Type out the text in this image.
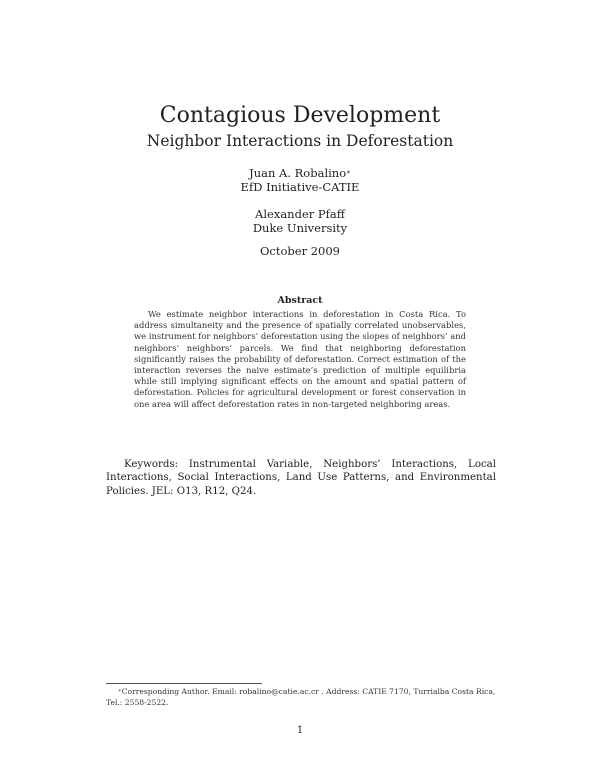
Contagious Development
Neighbor Interactions in Deforestation
Juan A. Robalino∗
EfD Initiative-CATIE
Alexander Pfaff
Duke University
October 2009
Abstract
We estimate neighbor interactions in deforestation in Costa Rica. To address simultaneity and the presence of spatially correlated unobservables, we instrument for neighbors’ deforestation using the slopes of neighbors’ and neighbors’ neighbors’ parcels. We find that neighboring deforestation significantly raises the probability of deforestation. Correct estimation of the interaction reverses the naive estimate’s prediction of multiple equilibria while still implying significant effects on the amount and spatial pattern of deforestation. Policies for agricultural development or forest conservation in one area will affect deforestation rates in non-targeted neighboring areas.
Keywords: Instrumental Variable, Neighbors’ Interactions, Local Interactions, Social Interactions, Land Use Patterns, and Environmental Policies. JEL: O13, R12, Q24.
∗Corresponding Author. Email: robalino@catie.ac.cr . Address: CATIE 7170, Turrialba Costa Rica, Tel.: 2558-2522.
1
